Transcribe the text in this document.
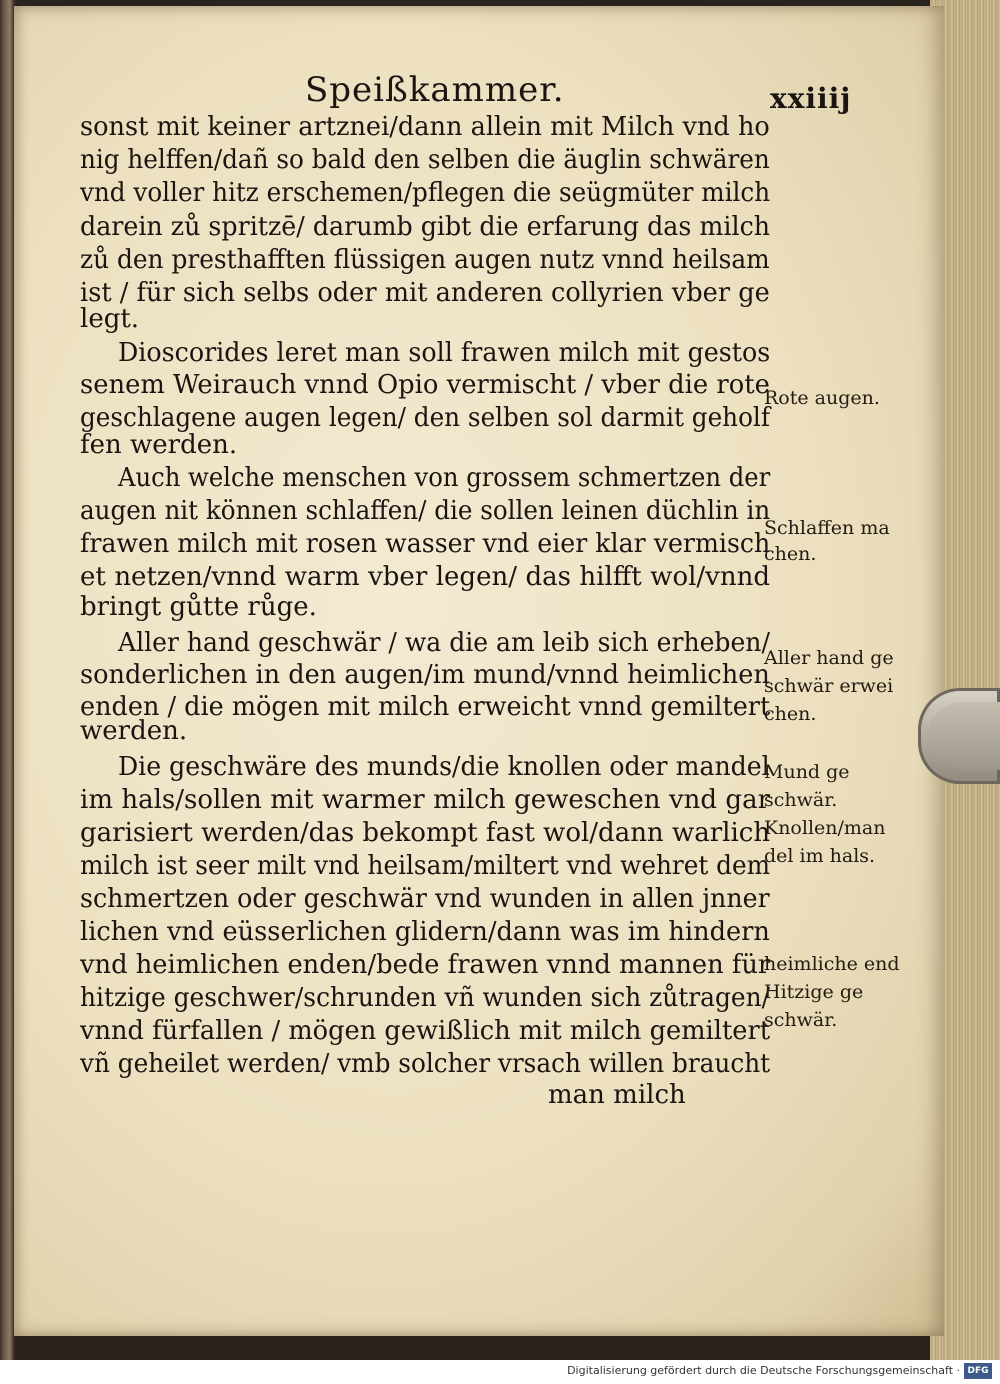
Speißkammer.	xxiiij
sonst mit keiner artznei/dann allein mit Milch vnd ho
nig helffen/dañ so bald den selben die äuglin schwären
vnd voller hitz erschemen/pflegen die seügmüter milch
darein zů spritzē/ darumb gibt die erfarung das milch
zů den presthafften flüssigen augen nutz vnnd heilsam
ist / für sich selbs oder mit anderen collyrien vber ge
legt.
Dioscorides leret man soll frawen milch mit gestos
senem Weirauch vnnd Opio vermischt / vber die rote
geschlagene augen legen/ den selben sol darmit geholf
fen werden.
Auch welche menschen von grossem schmertzen der
augen nit können schlaffen/ die sollen leinen düchlin in
frawen milch mit rosen wasser vnd eier klar vermisch
et netzen/vnnd warm vber legen/ das hilfft wol/vnnd
bringt gůtte růge.
Aller hand geschwär / wa die am leib sich erheben/
sonderlichen in den augen/im mund/vnnd heimlichen
enden / die mögen mit milch erweicht vnnd gemiltert
werden.
Die geschwäre des munds/die knollen oder mandel
im hals/sollen mit warmer milch geweschen vnd gar
garisiert werden/das bekompt fast wol/dann warlich
milch ist seer milt vnd heilsam/miltert vnd wehret dem
schmertzen oder geschwär vnd wunden in allen jnner
lichen vnd eüsserlichen glidern/dann was im hindern
vnd heimlichen enden/bede frawen vnnd mannen für
hitzige geschwer/schrunden vñ wunden sich zůtragen/
vnnd fürfallen / mögen gewißlich mit milch gemiltert
vñ geheilet werden/ vmb solcher vrsach willen braucht
man milch
Rote augen.
Schlaffen ma
chen.
Aller hand ge
schwär erwei
chen.
Mund ge
schwär.
Knollen/man
del im hals.
heimliche end
Hitzige ge
schwär.
Digitalisierung gefördert durch die Deutsche Forschungsgemeinschaft · DFG
